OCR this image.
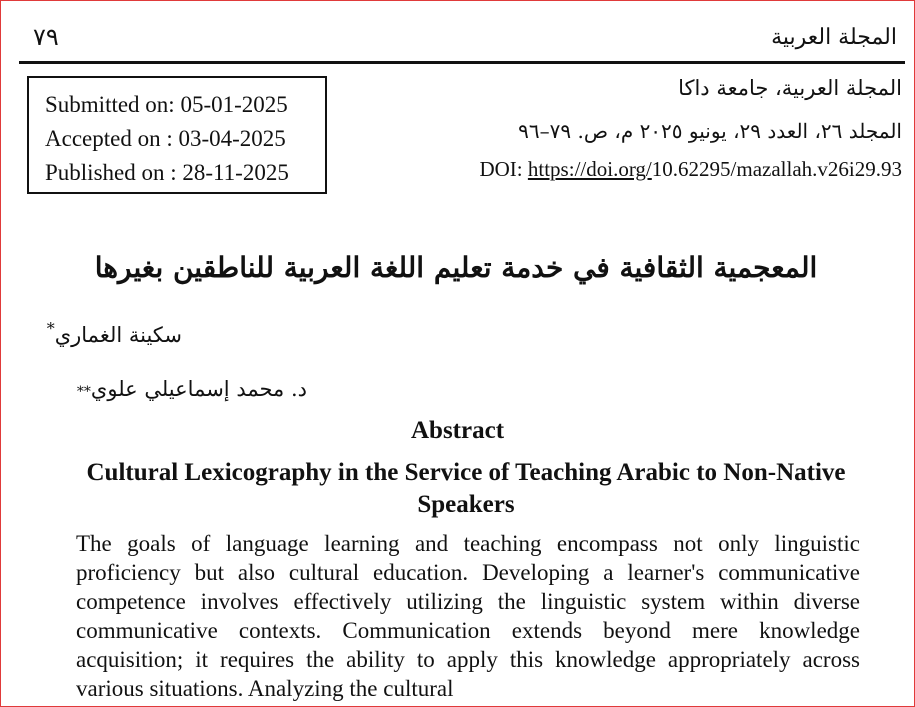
٧٩	المجلة العربية
Submitted on: 05-01-2025
Accepted on : 03-04-2025
Published on : 28-11-2025
المجلة العربية، جامعة داكا
المجلد ٢٦، العدد ٢٩، يونيو ٢٠٢٥ م، ص. ٧٩–٩٦
DOI: https://doi.org/10.62295/mazallah.v26i29.93
المعجمية الثقافية في خدمة تعليم اللغة العربية للناطقين بغيرها
سكينة الغماري*
د. محمد إسماعيلي علوي**
Abstract
Cultural Lexicography in the Service of Teaching Arabic to Non-Native Speakers
The goals of language learning and teaching encompass not only linguistic proficiency but also cultural education. Developing a learner's communicative competence involves effectively utilizing the linguistic system within diverse communicative contexts. Communication extends beyond mere knowledge acquisition; it requires the ability to apply this knowledge appropriately across various situations. Analyzing the cultural
